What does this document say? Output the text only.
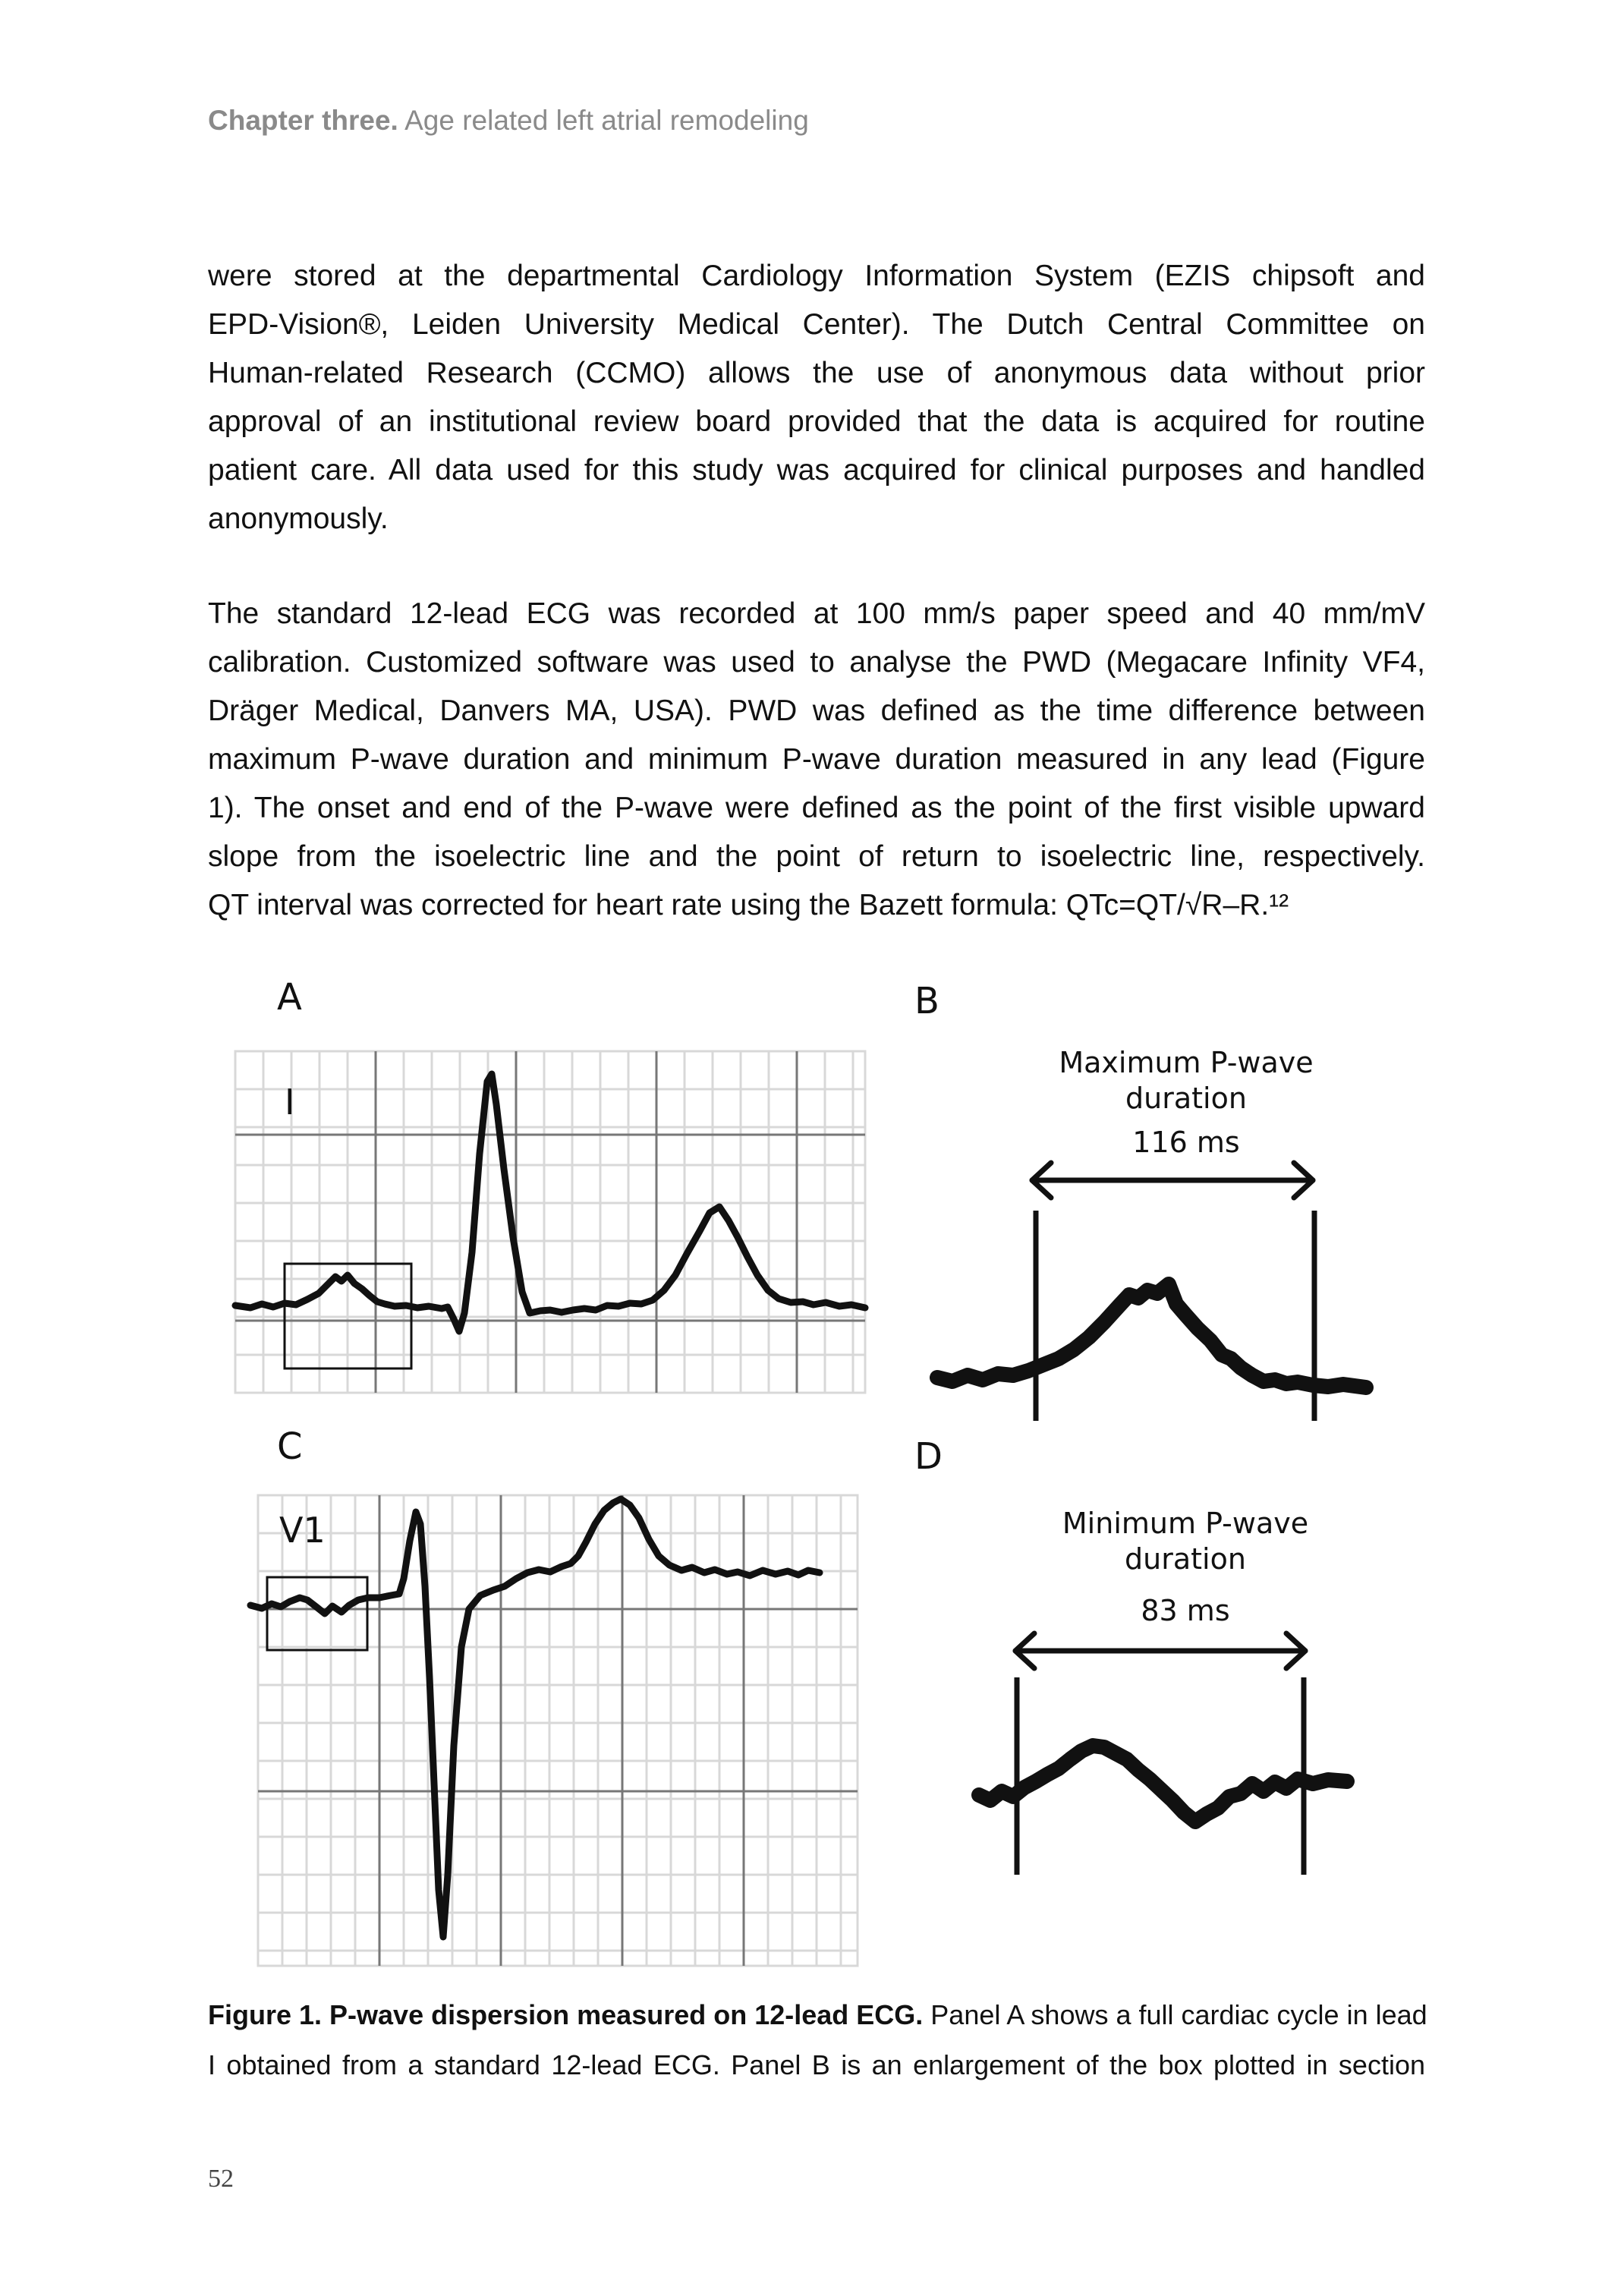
Chapter three. Age related left atrial remodeling
were stored at the departmental Cardiology Information System (EZIS chipsoft and
EPD-Vision®, Leiden University Medical Center). The Dutch Central Committee on
Human-related Research (CCMO) allows the use of anonymous data without prior
approval of an institutional review board provided that the data is acquired for routine
patient care. All data used for this study was acquired for clinical purposes and handled
anonymously.
The standard 12-lead ECG was recorded at 100 mm/s paper speed and 40 mm/mV
calibration. Customized software was used to analyse the PWD (Megacare Infinity VF4,
Dräger Medical, Danvers MA, USA). PWD was defined as the time difference between
maximum P-wave duration and minimum P-wave duration measured in any lead (Figure
1). The onset and end of the P-wave were defined as the point of the first visible upward
slope from the isoelectric line and the point of return to isoelectric line, respectively.
QT interval was corrected for heart rate using the Bazett formula: QTc=QT/√R–R.¹²
A
I
B
Maximum P-wave
duration
116 ms
C
V1
D
Minimum P-wave
duration
83 ms
Figure 1. P-wave dispersion measured on 12-lead ECG. Panel A shows a full cardiac cycle in lead
I obtained from a standard 12-lead ECG. Panel B is an enlargement of the box plotted in section
52
